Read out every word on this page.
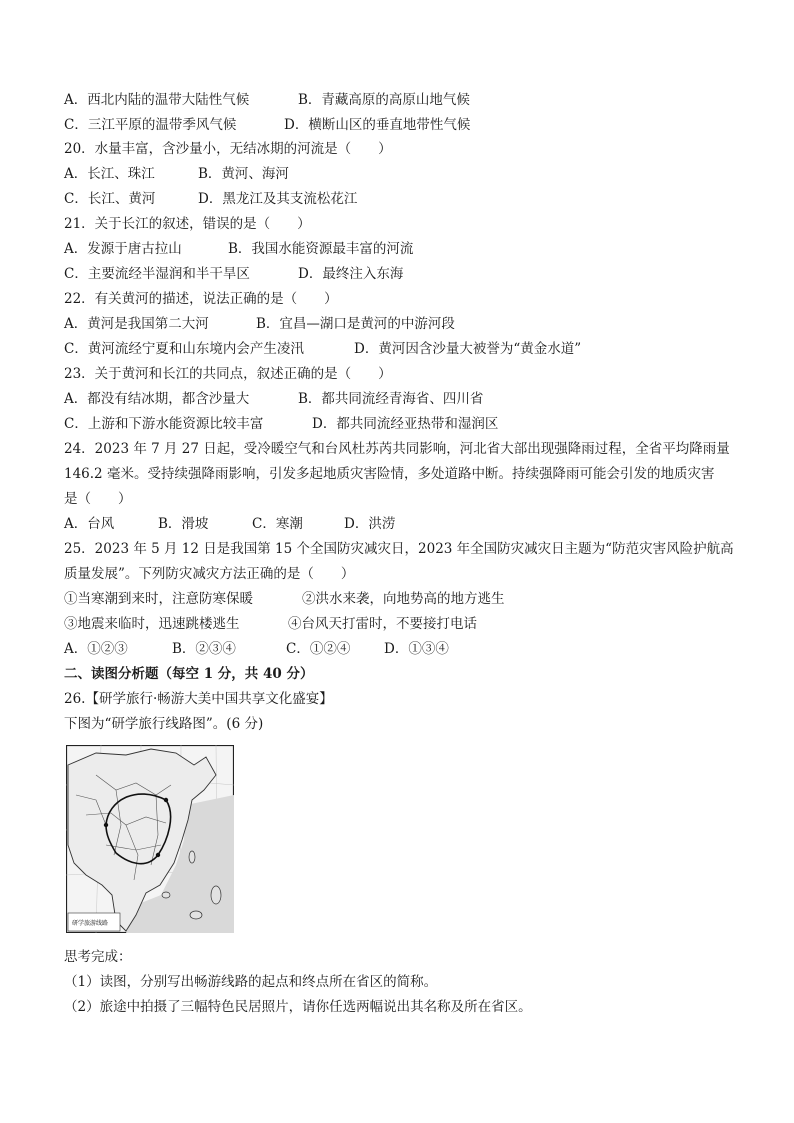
A．西北内陆的温带大陆性气候	B．青藏高原的高原山地气候
C．三江平原的温带季风气候	D．横断山区的垂直地带性气候
20．水量丰富，含沙量小，无结冰期的河流是（　　）
A．长江、珠江	B．黄河、海河
C．长江、黄河	D．黑龙江及其支流松花江
21．关于长江的叙述，错误的是（　　）
A．发源于唐古拉山	B．我国水能资源最丰富的河流
C．主要流经半湿润和半干旱区	D．最终注入东海
22．有关黄河的描述，说法正确的是（　　）
A．黄河是我国第二大河	B．宜昌—湖口是黄河的中游河段
C．黄河流经宁夏和山东境内会产生凌汛	D．黄河因含沙量大被誉为“黄金水道”
23．关于黄河和长江的共同点，叙述正确的是（　　）
A．都没有结冰期，都含沙量大	B．都共同流经青海省、四川省
C．上游和下游水能资源比较丰富	D．都共同流经亚热带和湿润区
24．2023 年 7 月 27 日起，受冷暖空气和台风杜苏芮共同影响，河北省大部出现强降雨过程，全省平均降雨量
146.2 毫米。受持续强降雨影响，引发多起地质灾害险情，多处道路中断。持续强降雨可能会引发的地质灾害
是（　　）
A．台风	B．滑坡	C．寒潮	D．洪涝
25．2023 年 5 月 12 日是我国第 15 个全国防灾减灾日，2023 年全国防灾减灾日主题为“防范灾害风险护航高
质量发展”。下列防灾减灾方法正确的是（　　）
①当寒潮到来时，注意防寒保暖	②洪水来袭，向地势高的地方逃生
③地震来临时，迅速跳楼逃生	④台风天打雷时，不要接打电话
A．①②③	B．②③④	C．①②④ D．①③④
二、读图分析题（每空 1 分，共 40 分）
26.【研学旅行·畅游大美中国共享文化盛宴】
下图为“研学旅行线路图”。(6 分)
研学旅游线路
思考完成：
（1）读图，分别写出畅游线路的起点和终点所在省区的简称。
（2）旅途中拍摄了三幅特色民居照片，请你任选两幅说出其名称及所在省区。
